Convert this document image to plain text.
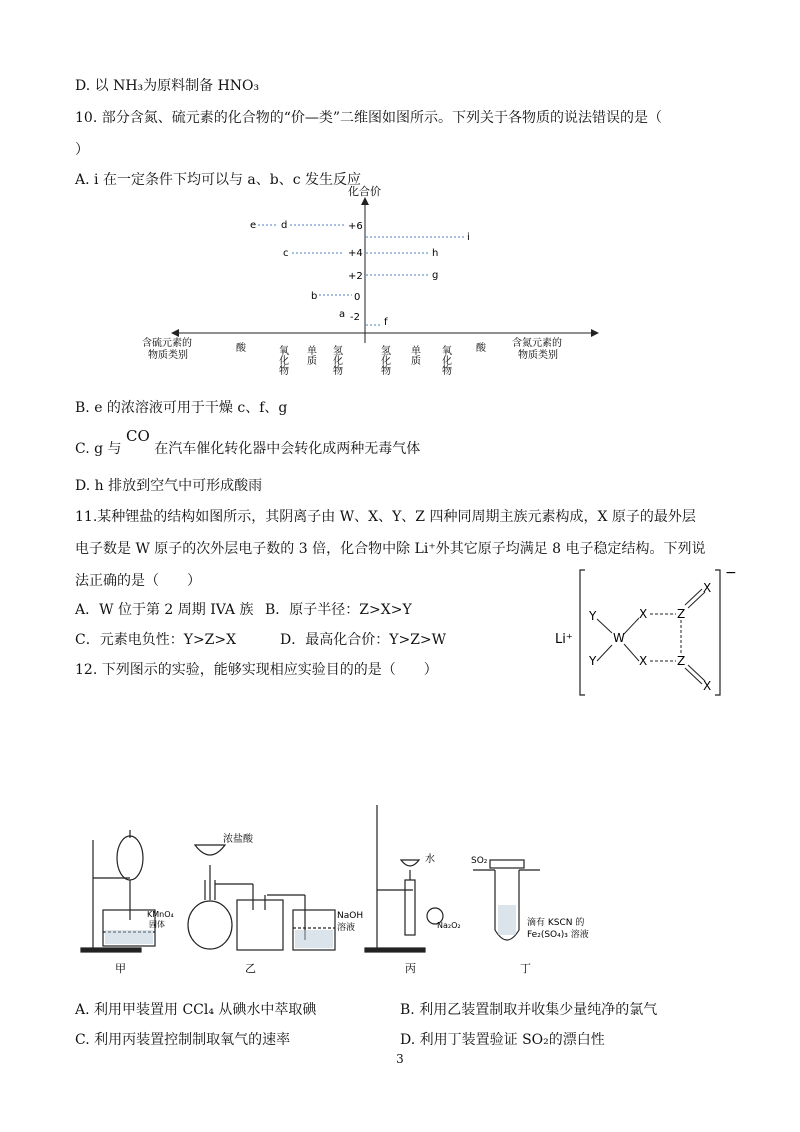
D. 以 NH₃为原料制备 HNO₃
10. 部分含氮、硫元素的化合物的“价—类”二维图如图所示。下列关于各物质的说法错误的是（
）
A. i 在一定条件下均可以与 a、b、c 发生反应
化合价
+6
+4
+2
0
-2
e d
c
b
a
i
h
g
f
含硫元素的
物质类别
含氮元素的
物质类别
酸	氧化物 单质 氢化物	氢化物 单质 氧化物	酸
B. e 的浓溶液可用于干燥 c、f、g
C. g 与 CO 在汽车催化转化器中会转化成两种无毒气体
D. h 排放到空气中可形成酸雨
11.某种锂盐的结构如图所示，其阴离子由 W、X、Y、Z 四种同周期主族元素构成，X 原子的最外层
电子数是 W 原子的次外层电子数的 3 倍，化合物中除 Li⁺外其它原子均满足 8 电子稳定结构。下列说
法正确的是（　　）
A．W 位于第 2 周期 IVA 族 B．原子半径：Z>X>Y
C．元素电负性：Y>Z>X	D．最高化合价：Y>Z>W	Li⁺
−
X
X
Y
W
Z
Y	X Z
X
12. 下列图示的实验，能够实现相应实验目的的是（　　）
浓盐酸
KMnO₄
固体
NaOH
溶液
水
Na₂O₂
SO₂
滴有 KSCN 的
Fe₂(SO₄)₃ 溶液
甲	乙	丙	丁
A. 利用甲装置用 CCl₄ 从碘水中萃取碘	B. 利用乙装置制取并收集少量纯净的氯气
C. 利用丙装置控制制取氧气的速率	D. 利用丁装置验证 SO₂的漂白性
3
